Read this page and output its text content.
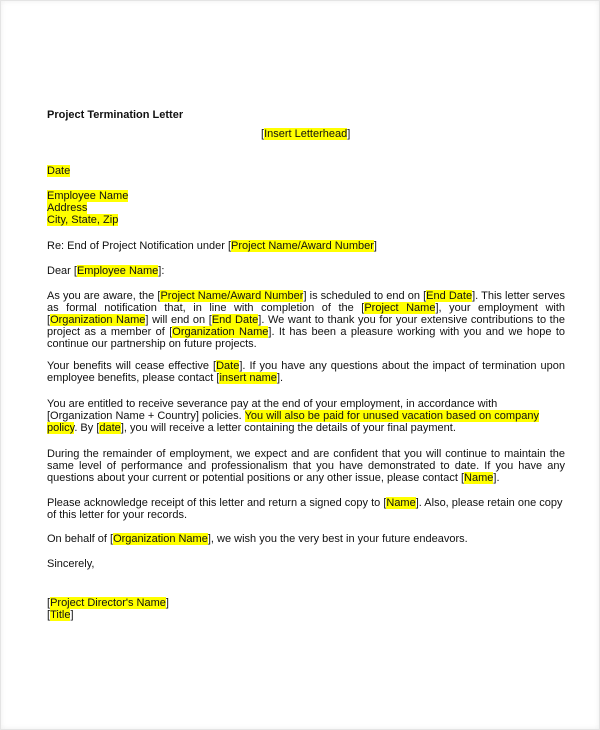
Project Termination Letter
[Insert Letterhead]
Date
Employee Name
Address
City, State, Zip
Re: End of Project Notification under [Project Name/Award Number]
Dear [Employee Name]:
As you are aware, the [Project Name/Award Number] is scheduled to end on [End Date]. This letter serves as formal notification that, in line with completion of the [Project Name], your employment with [Organization Name] will end on [End Date]. We want to thank you for your extensive contributions to the project as a member of [Organization Name]. It has been a pleasure working with you and we hope to continue our partnership on future projects.
Your benefits will cease effective [Date]. If you have any questions about the impact of termination upon employee benefits, please contact [insert name].
You are entitled to receive severance pay at the end of your employment, in accordance with [Organization Name + Country] policies. You will also be paid for unused vacation based on company policy. By [date], you will receive a letter containing the details of your final payment.
During the remainder of employment, we expect and are confident that you will continue to maintain the same level of performance and professionalism that you have demonstrated to date. If you have any questions about your current or potential positions or any other issue, please contact [Name].
Please acknowledge receipt of this letter and return a signed copy to [Name]. Also, please retain one copy of this letter for your records.
On behalf of [Organization Name], we wish you the very best in your future endeavors.
Sincerely,
[Project Director's Name]
[Title]
